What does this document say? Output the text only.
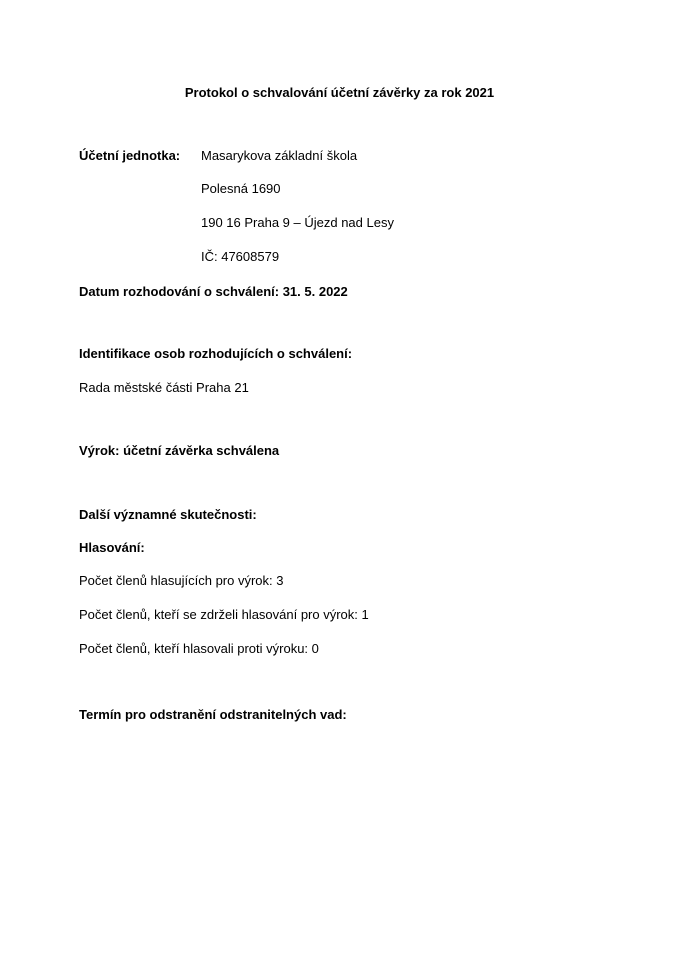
Protokol o schvalování účetní závěrky za rok 2021
Účetní jednotka: Masarykova základní škola
Polesná 1690
190 16 Praha 9 – Újezd nad Lesy
IČ: 47608579
Datum rozhodování o schválení: 31. 5. 2022
Identifikace osob rozhodujících o schválení:
Rada městské části Praha 21
Výrok: účetní závěrka schválena
Další významné skutečnosti:
Hlasování:
Počet členů hlasujících pro výrok: 3
Počet členů, kteří se zdrželi hlasování pro výrok: 1
Počet členů, kteří hlasovali proti výroku: 0
Termín pro odstranění odstranitelných vad:
